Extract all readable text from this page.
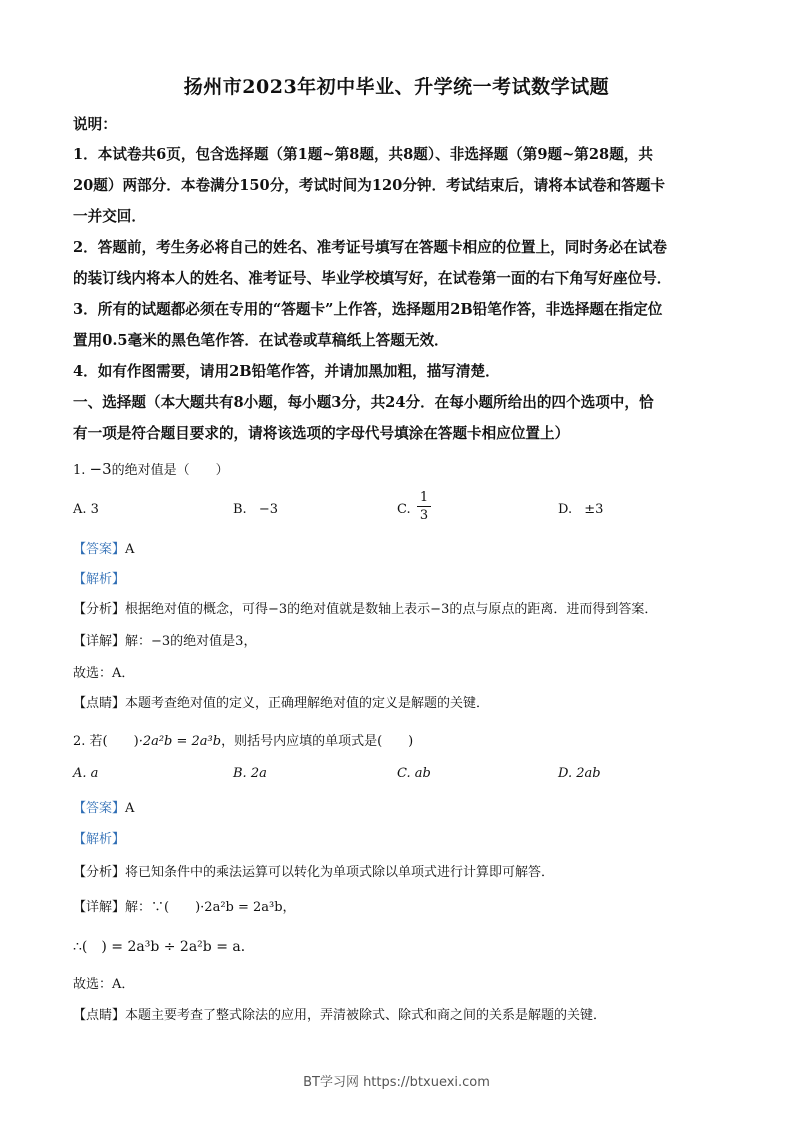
扬州市2023年初中毕业、升学统一考试数学试题
说明：
1．本试卷共6页，包含选择题（第1题~第8题，共8题）、非选择题（第9题~第28题，共
20题）两部分．本卷满分150分，考试时间为120分钟．考试结束后，请将本试卷和答题卡
一并交回．
2．答题前，考生务必将自己的姓名、准考证号填写在答题卡相应的位置上，同时务必在试卷
的装订线内将本人的姓名、准考证号、毕业学校填写好，在试卷第一面的右下角写好座位号．
3．所有的试题都必须在专用的“答题卡”上作答，选择题用2B铅笔作答，非选择题在指定位
置用0.5毫米的黑色笔作答．在试卷或草稿纸上答题无效．
4．如有作图需要，请用2B铅笔作答，并请加黑加粗，描写清楚．
一、选择题（本大题共有8小题，每小题3分，共24分．在每小题所给出的四个选项中，恰
有一项是符合题目要求的，请将该选项的字母代号填涂在答题卡相应位置上）
1. −3的绝对值是（　　）
A. 3	B. −3	C. $\frac{1}{3}$	D. ±3
【答案】A
【解析】
【分析】根据绝对值的概念，可得−3的绝对值就是数轴上表示−3的点与原点的距离．进而得到答案．
【详解】解：−3的绝对值是3，
故选：A．
【点睛】本题考查绝对值的定义，正确理解绝对值的定义是解题的关键．
2. 若(　　)·2a²b = 2a³b，则括号内应填的单项式是(　　)
A. a	B. 2a	C. ab	D. 2ab
【答案】A
【解析】
【分析】将已知条件中的乘法运算可以转化为单项式除以单项式进行计算即可解答．
【详解】解：∵(　　)·2a²b = 2a³b，
∴(　) = 2a³b ÷ 2a²b = a．
故选：A．
【点睛】本题主要考查了整式除法的应用，弄清被除式、除式和商之间的关系是解题的关键．
BT学习网 https://btxuexi.com
